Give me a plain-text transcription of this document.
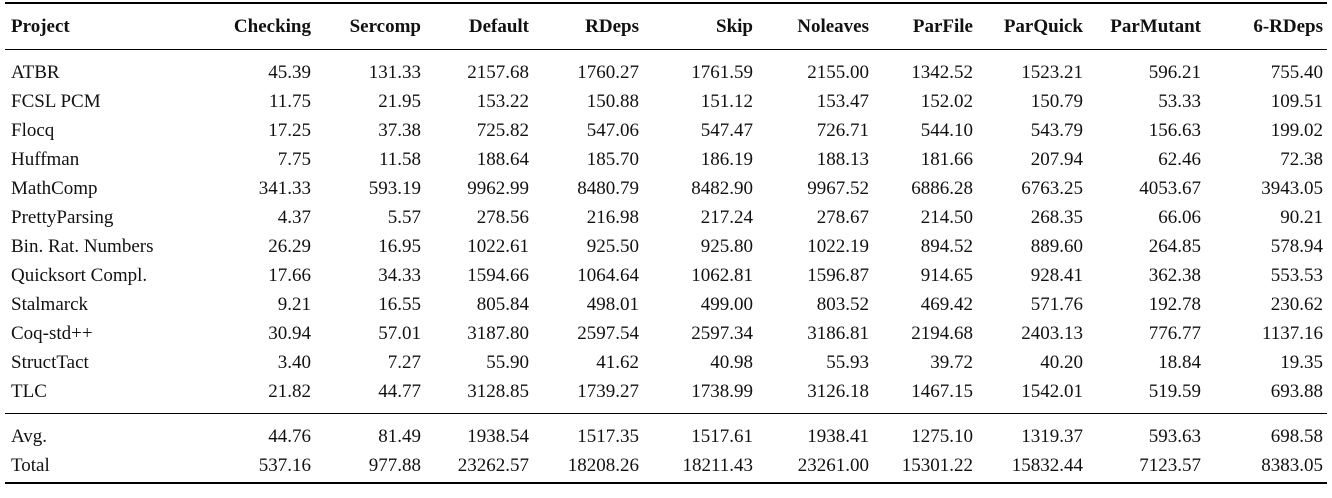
Project	Checking	Sercomp	Default	RDeps	Skip	Noleaves	ParFile	ParQuick	ParMutant	6-RDeps
ATBR	45.39	131.33	2157.68	1760.27	1761.59	2155.00	1342.52	1523.21	596.21	755.40
FCSL PCM	11.75	21.95	153.22	150.88	151.12	153.47	152.02	150.79	53.33	109.51
Flocq	17.25	37.38	725.82	547.06	547.47	726.71	544.10	543.79	156.63	199.02
Huffman	7.75	11.58	188.64	185.70	186.19	188.13	181.66	207.94	62.46	72.38
MathComp	341.33	593.19	9962.99	8480.79	8482.90	9967.52	6886.28	6763.25	4053.67	3943.05
PrettyParsing	4.37	5.57	278.56	216.98	217.24	278.67	214.50	268.35	66.06	90.21
Bin. Rat. Numbers	26.29	16.95	1022.61	925.50	925.80	1022.19	894.52	889.60	264.85	578.94
Quicksort Compl.	17.66	34.33	1594.66	1064.64	1062.81	1596.87	914.65	928.41	362.38	553.53
Stalmarck	9.21	16.55	805.84	498.01	499.00	803.52	469.42	571.76	192.78	230.62
Coq-std++	30.94	57.01	3187.80	2597.54	2597.34	3186.81	2194.68	2403.13	776.77	1137.16
StructTact	3.40	7.27	55.90	41.62	40.98	55.93	39.72	40.20	18.84	19.35
TLC	21.82	44.77	3128.85	1739.27	1738.99	3126.18	1467.15	1542.01	519.59	693.88
Avg.	44.76	81.49	1938.54	1517.35	1517.61	1938.41	1275.10	1319.37	593.63	698.58
Total	537.16	977.88	23262.57	18208.26	18211.43	23261.00	15301.22	15832.44	7123.57	8383.05
